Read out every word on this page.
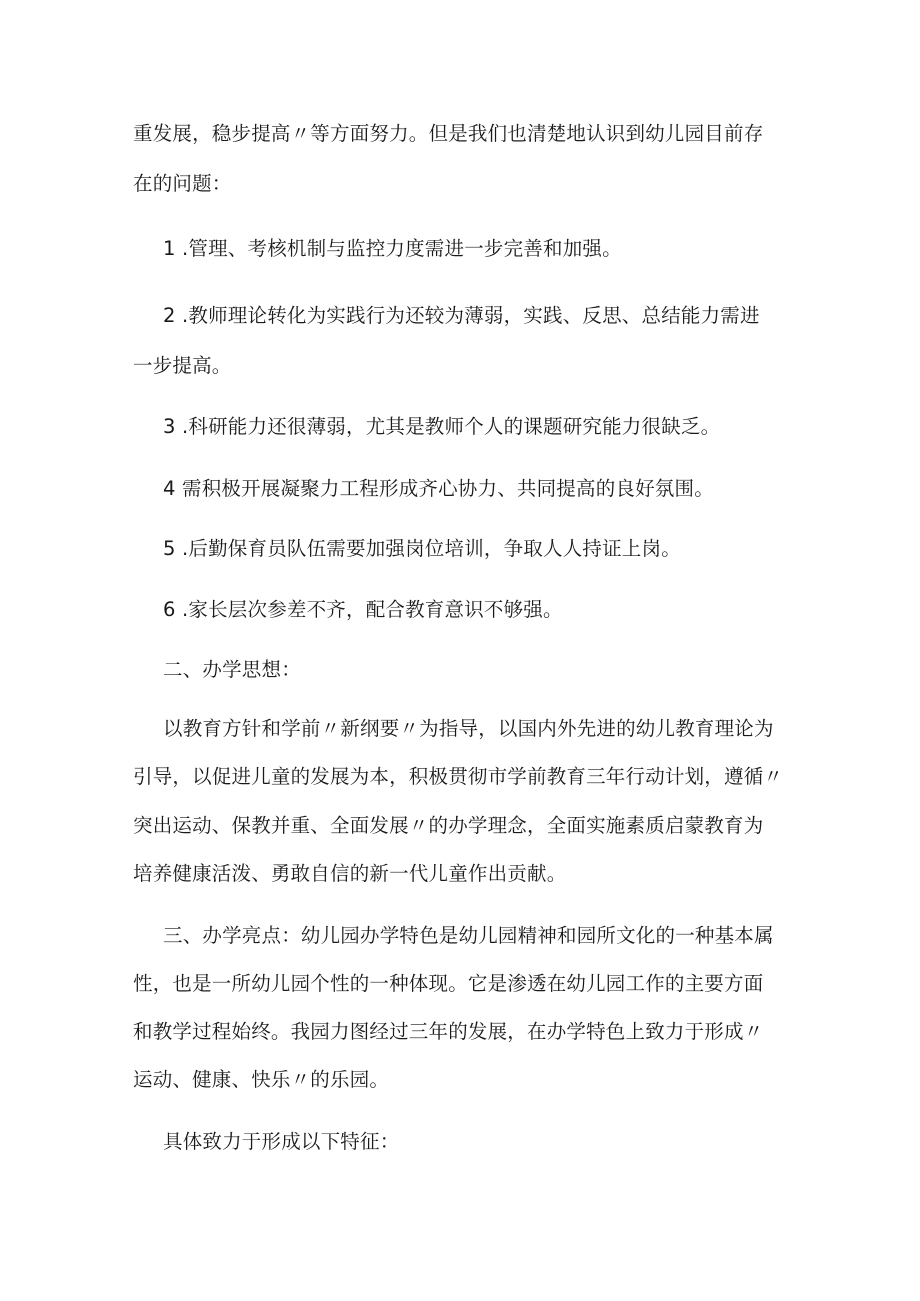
重发展，稳步提高〃等方面努力。但是我们也清楚地认识到幼儿园目前存
在的问题：
1 .管理、考核机制与监控力度需进一步完善和加强。
2 .教师理论转化为实践行为还较为薄弱，实践、反思、总结能力需进
一步提高。
3 .科研能力还很薄弱，尤其是教师个人的课题研究能力很缺乏。
4 需积极开展凝聚力工程形成齐心协力、共同提高的良好氛围。
5 .后勤保育员队伍需要加强岗位培训，争取人人持证上岗。
6 .家长层次参差不齐，配合教育意识不够强。
二、办学思想：
以教育方针和学前〃新纲要〃为指导，以国内外先进的幼儿教育理论为
引导，以促进儿童的发展为本，积极贯彻市学前教育三年行动计划，遵循〃
突出运动、保教并重、全面发展〃的办学理念，全面实施素质启蒙教育为
培养健康活泼、勇敢自信的新一代儿童作出贡献。
三、办学亮点：幼儿园办学特色是幼儿园精神和园所文化的一种基本属
性，也是一所幼儿园个性的一种体现。它是渗透在幼儿园工作的主要方面
和教学过程始终。我园力图经过三年的发展，在办学特色上致力于形成〃
运动、健康、快乐〃的乐园。
具体致力于形成以下特征：
